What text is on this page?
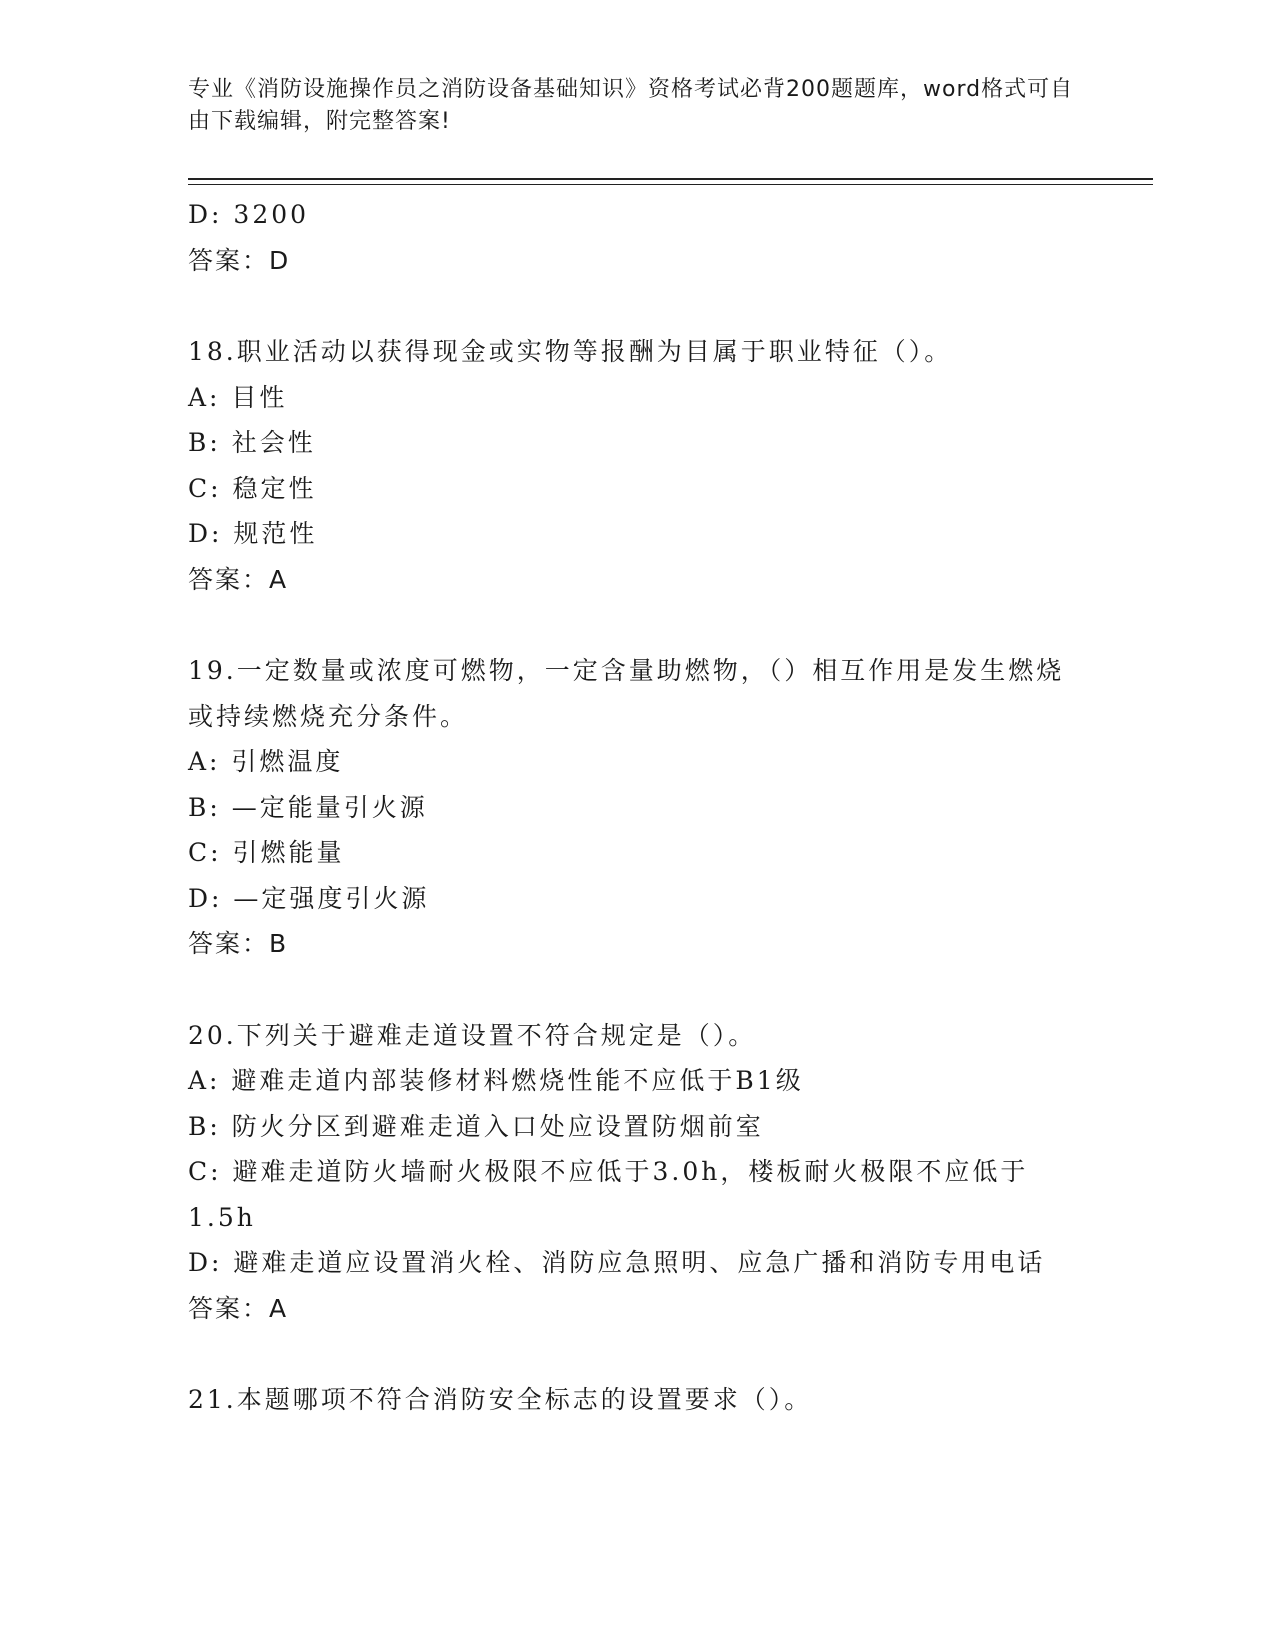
专业《消防设施操作员之消防设备基础知识》资格考试必背200题题库，word格式可自由下载编辑，附完整答案!
D: 3200
答案：D
18.职业活动以获得现金或实物等报酬为目属于职业特征（）。
A: 目性
B: 社会性
C: 稳定性
D: 规范性
答案：A
19.一定数量或浓度可燃物，一定含量助燃物，（）相互作用是发生燃烧或持续燃烧充分条件。
A: 引燃温度
B: —定能量引火源
C: 引燃能量
D: —定强度引火源
答案：B
20.下列关于避难走道设置不符合规定是（）。
A: 避难走道内部装修材料燃烧性能不应低于B1级
B: 防火分区到避难走道入口处应设置防烟前室
C: 避难走道防火墙耐火极限不应低于3.0h，楼板耐火极限不应低于1.5h
D: 避难走道应设置消火栓、消防应急照明、应急广播和消防专用电话
答案：A
21.本题哪项不符合消防安全标志的设置要求（）。
